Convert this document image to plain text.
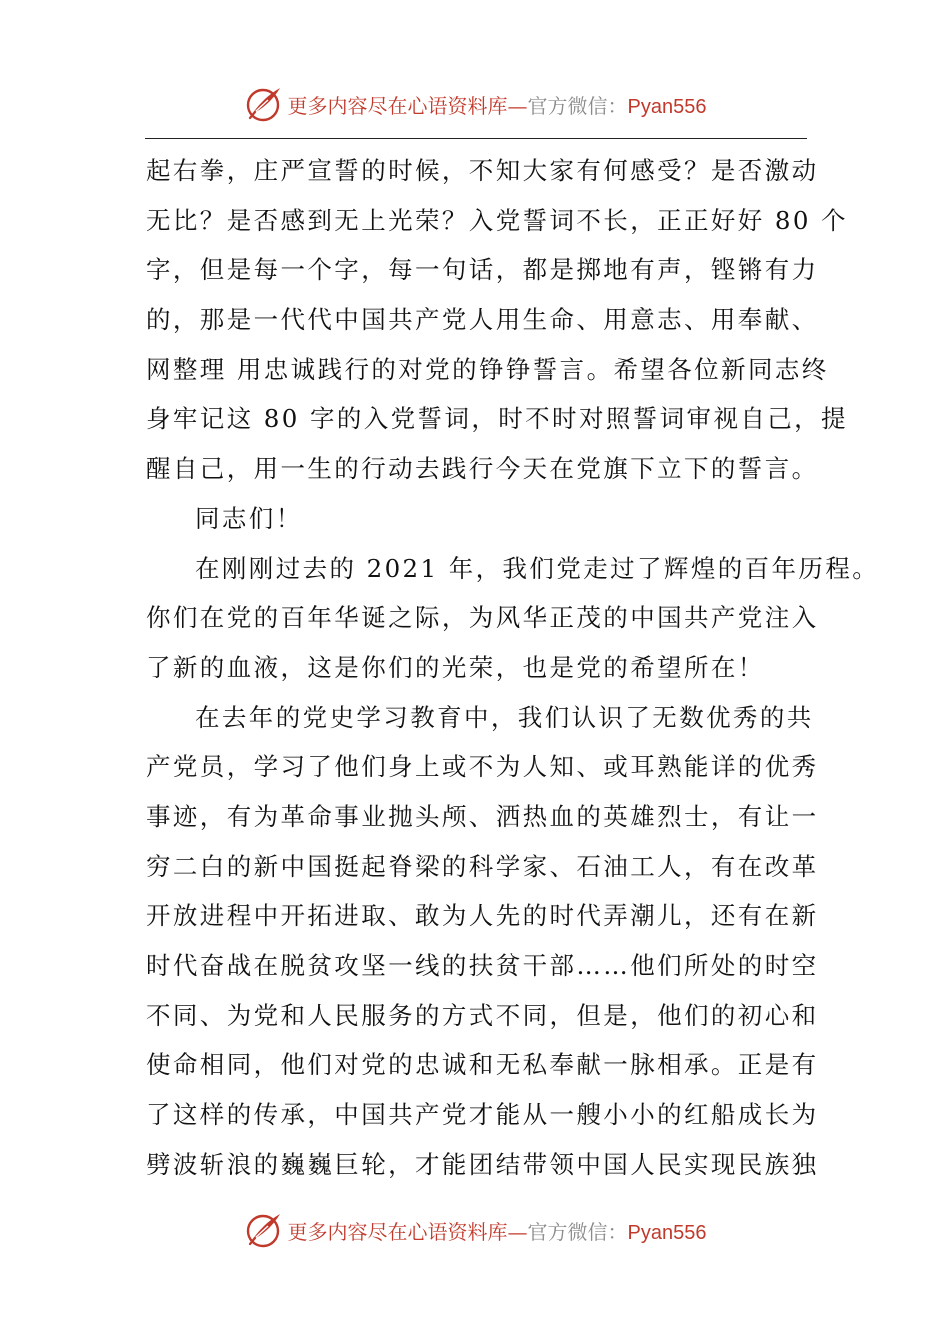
更多内容尽在心语资料库—官方微信：Pyan556
起右拳，庄严宣誓的时候，不知大家有何感受？是否激动
无比？是否感到无上光荣？入党誓词不长，正正好好 80 个
字，但是每一个字，每一句话，都是掷地有声，铿锵有力
的，那是一代代中国共产党人用生命、用意志、用奉献、
网整理 用忠诚践行的对党的铮铮誓言。希望各位新同志终
身牢记这 80 字的入党誓词，时不时对照誓词审视自己，提
醒自己，用一生的行动去践行今天在党旗下立下的誓言。
同志们！
在刚刚过去的 2021 年，我们党走过了辉煌的百年历程。
你们在党的百年华诞之际，为风华正茂的中国共产党注入
了新的血液，这是你们的光荣，也是党的希望所在！
在去年的党史学习教育中，我们认识了无数优秀的共
产党员，学习了他们身上或不为人知、或耳熟能详的优秀
事迹，有为革命事业抛头颅、洒热血的英雄烈士，有让一
穷二白的新中国挺起脊梁的科学家、石油工人，有在改革
开放进程中开拓进取、敢为人先的时代弄潮儿，还有在新
时代奋战在脱贫攻坚一线的扶贫干部……他们所处的时空
不同、为党和人民服务的方式不同，但是，他们的初心和
使命相同，他们对党的忠诚和无私奉献一脉相承。正是有
了这样的传承，中国共产党才能从一艘小小的红船成长为
劈波斩浪的巍巍巨轮，才能团结带领中国人民实现民族独
更多内容尽在心语资料库—官方微信：Pyan556
